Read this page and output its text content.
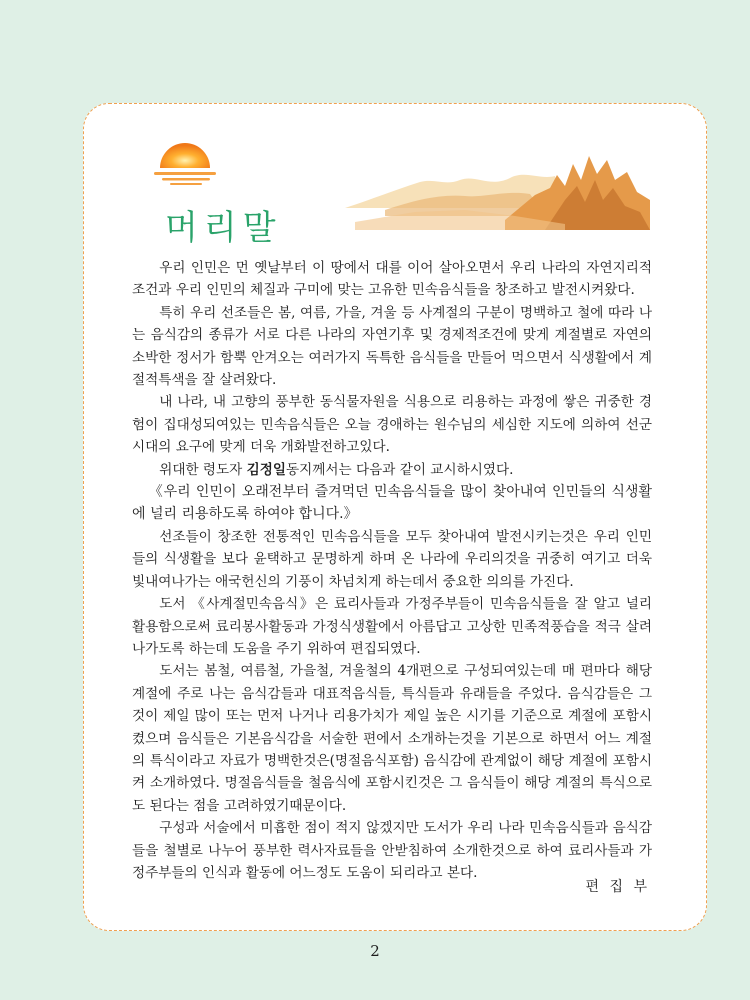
머리말

우리 인민은 먼 옛날부터 이 땅에서 대를 이어 살아오면서 우리 나라의 자연지리적조건과 우리 인민의 체질과 구미에 맞는 고유한 민속음식들을 창조하고 발전시켜왔다.

특히 우리 선조들은 봄, 여름, 가을, 겨울 등 사계절의 구분이 명백하고 철에 따라 나는 음식감의 종류가 서로 다른 나라의 자연기후 및 경제적조건에 맞게 계절별로 자연의 소박한 정서가 함뿍 안겨오는 여러가지 독특한 음식들을 만들어 먹으면서 식생활에서 계절적특색을 잘 살려왔다.

내 나라, 내 고향의 풍부한 동식물자원을 식용으로 리용하는 과정에 쌓은 귀중한 경험이 집대성되여있는 민속음식들은 오늘 경애하는 원수님의 세심한 지도에 의하여 선군시대의 요구에 맞게 더욱 개화발전하고있다.

위대한 령도자 김정일동지께서는 다음과 같이 교시하시였다.

《우리 인민이 오래전부터 즐겨먹던 민속음식들을 많이 찾아내여 인민들의 식생활에 널리 리용하도록 하여야 합니다.》

선조들이 창조한 전통적인 민속음식들을 모두 찾아내여 발전시키는것은 우리 인민들의 식생활을 보다 윤택하고 문명하게 하며 온 나라에 우리의것을 귀중히 여기고 더욱 빛내여나가는 애국헌신의 기풍이 차넘치게 하는데서 중요한 의의를 가진다.

도서 《사계절민속음식》은 료리사들과 가정주부들이 민속음식들을 잘 알고 널리 활용함으로써 료리봉사활동과 가정식생활에서 아름답고 고상한 민족적풍습을 적극 살려나가도록 하는데 도움을 주기 위하여 편집되였다.

도서는 봄철, 여름철, 가을철, 겨울철의 4개편으로 구성되여있는데 매 편마다 해당 계절에 주로 나는 음식감들과 대표적음식들, 특식들과 유래들을 주었다. 음식감들은 그것이 제일 많이 또는 먼저 나거나 리용가치가 제일 높은 시기를 기준으로 계절에 포함시켰으며 음식들은 기본음식감을 서술한 편에서 소개하는것을 기본으로 하면서 어느 계절의 특식이라고 자료가 명백한것은(명절음식포함) 음식감에 관계없이 해당 계절에 포함시켜 소개하였다. 명절음식들을 철음식에 포함시킨것은 그 음식들이 해당 계절의 특식으로도 된다는 점을 고려하였기때문이다.

구성과 서술에서 미흡한 점이 적지 않겠지만 도서가 우리 나라 민속음식들과 음식감들을 철별로 나누어 풍부한 력사자료들을 안받침하여 소개한것으로 하여 료리사들과 가정주부들의 인식과 활동에 어느정도 도움이 되리라고 본다.

편 집 부
2
